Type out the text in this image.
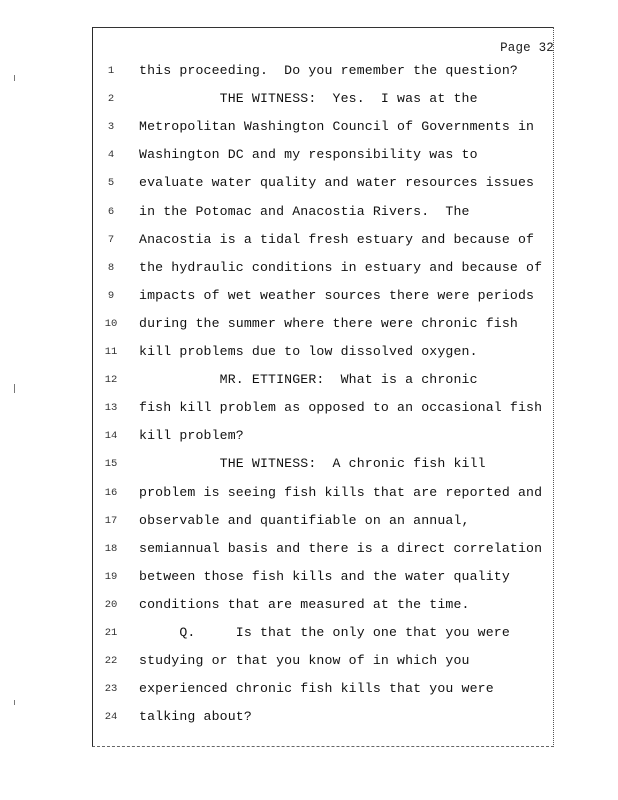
Page 32
1	this proceeding.  Do you remember the question?
2	THE WITNESS:  Yes.  I was at the
3	Metropolitan Washington Council of Governments in
4	Washington DC and my responsibility was to
5	evaluate water quality and water resources issues
6	in the Potomac and Anacostia Rivers.  The
7	Anacostia is a tidal fresh estuary and because of
8	the hydraulic conditions in estuary and because of
9	impacts of wet weather sources there were periods
10	during the summer where there were chronic fish
11	kill problems due to low dissolved oxygen.
12	MR. ETTINGER:  What is a chronic
13	fish kill problem as opposed to an occasional fish
14	kill problem?
15	THE WITNESS:  A chronic fish kill
16	problem is seeing fish kills that are reported and
17	observable and quantifiable on an annual,
18	semiannual basis and there is a direct correlation
19	between those fish kills and the water quality
20	conditions that are measured at the time.
21	Q.     Is that the only one that you were
22	studying or that you know of in which you
23	experienced chronic fish kills that you were
24	talking about?
